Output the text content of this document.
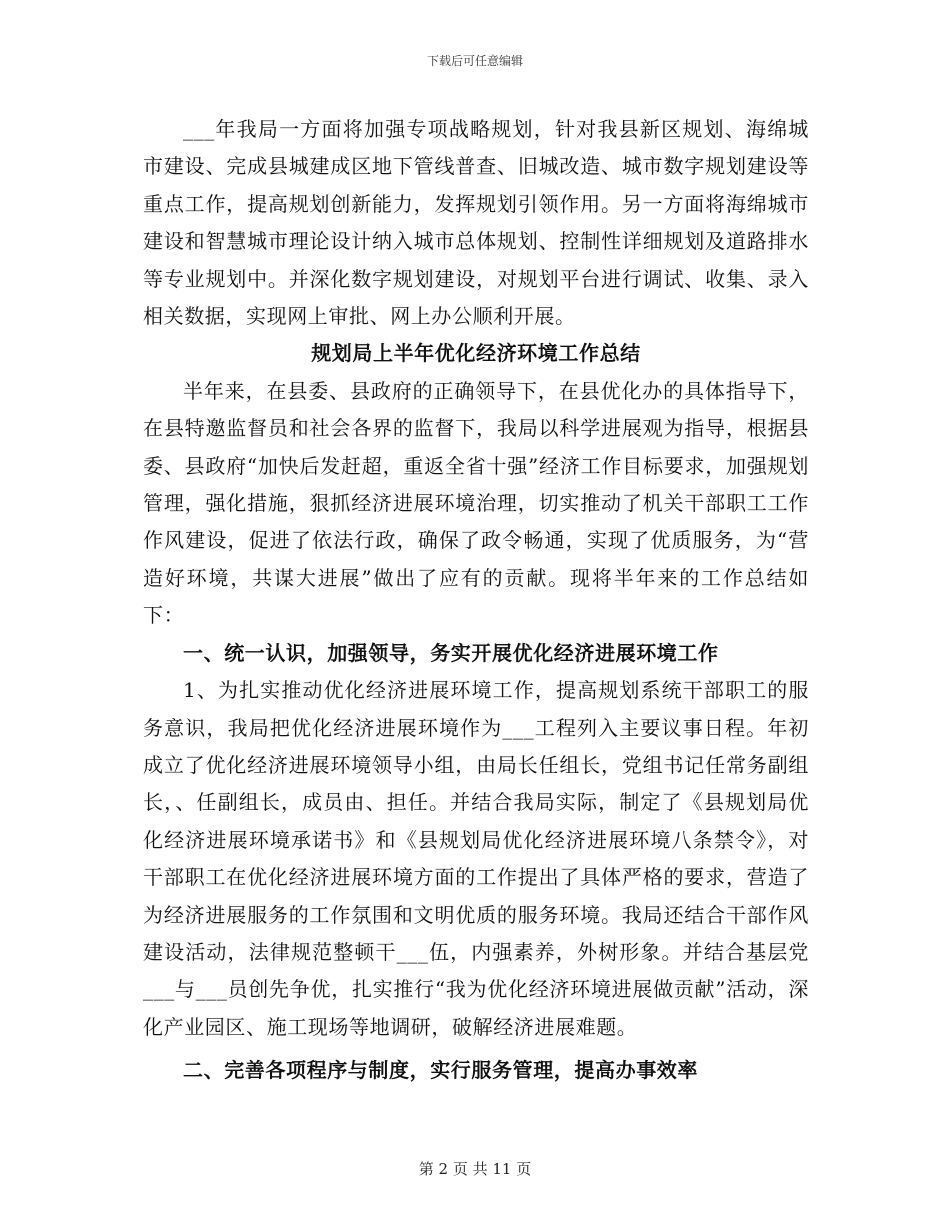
下载后可任意编辑

___年我局一方面将加强专项战略规划，针对我县新区规划、海绵城市建设、完成县城建成区地下管线普查、旧城改造、城市数字规划建设等重点工作，提高规划创新能力，发挥规划引领作用。另一方面将海绵城市建设和智慧城市理论设计纳入城市总体规划、控制性详细规划及道路排水等专业规划中。并深化数字规划建设，对规划平台进行调试、收集、录入相关数据，实现网上审批、网上办公顺利开展。

规划局上半年优化经济环境工作总结

半年来，在县委、县政府的正确领导下，在县优化办的具体指导下，在县特邀监督员和社会各界的监督下，我局以科学进展观为指导，根据县委、县政府“加快后发赶超，重返全省十强”经济工作目标要求，加强规划管理，强化措施，狠抓经济进展环境治理，切实推动了机关干部职工工作作风建设，促进了依法行政，确保了政令畅通，实现了优质服务，为“营造好环境，共谋大进展”做出了应有的贡献。现将半年来的工作总结如下：

一、统一认识，加强领导，务实开展优化经济进展环境工作

1、为扎实推动优化经济进展环境工作，提高规划系统干部职工的服务意识，我局把优化经济进展环境作为___工程列入主要议事日程。年初成立了优化经济进展环境领导小组，由局长任组长，党组书记任常务副组长，、任副组长，成员由、担任。并结合我局实际，制定了《县规划局优化经济进展环境承诺书》和《县规划局优化经济进展环境八条禁令》，对干部职工在优化经济进展环境方面的工作提出了具体严格的要求，营造了为经济进展服务的工作氛围和文明优质的服务环境。我局还结合干部作风建设活动，法律规范整顿干___伍，内强素养，外树形象。并结合基层党___与___员创先争优，扎实推行“我为优化经济环境进展做贡献”活动，深化产业园区、施工现场等地调研，破解经济进展难题。

二、完善各项程序与制度，实行服务管理，提高办事效率

第 2 页 共 11 页
